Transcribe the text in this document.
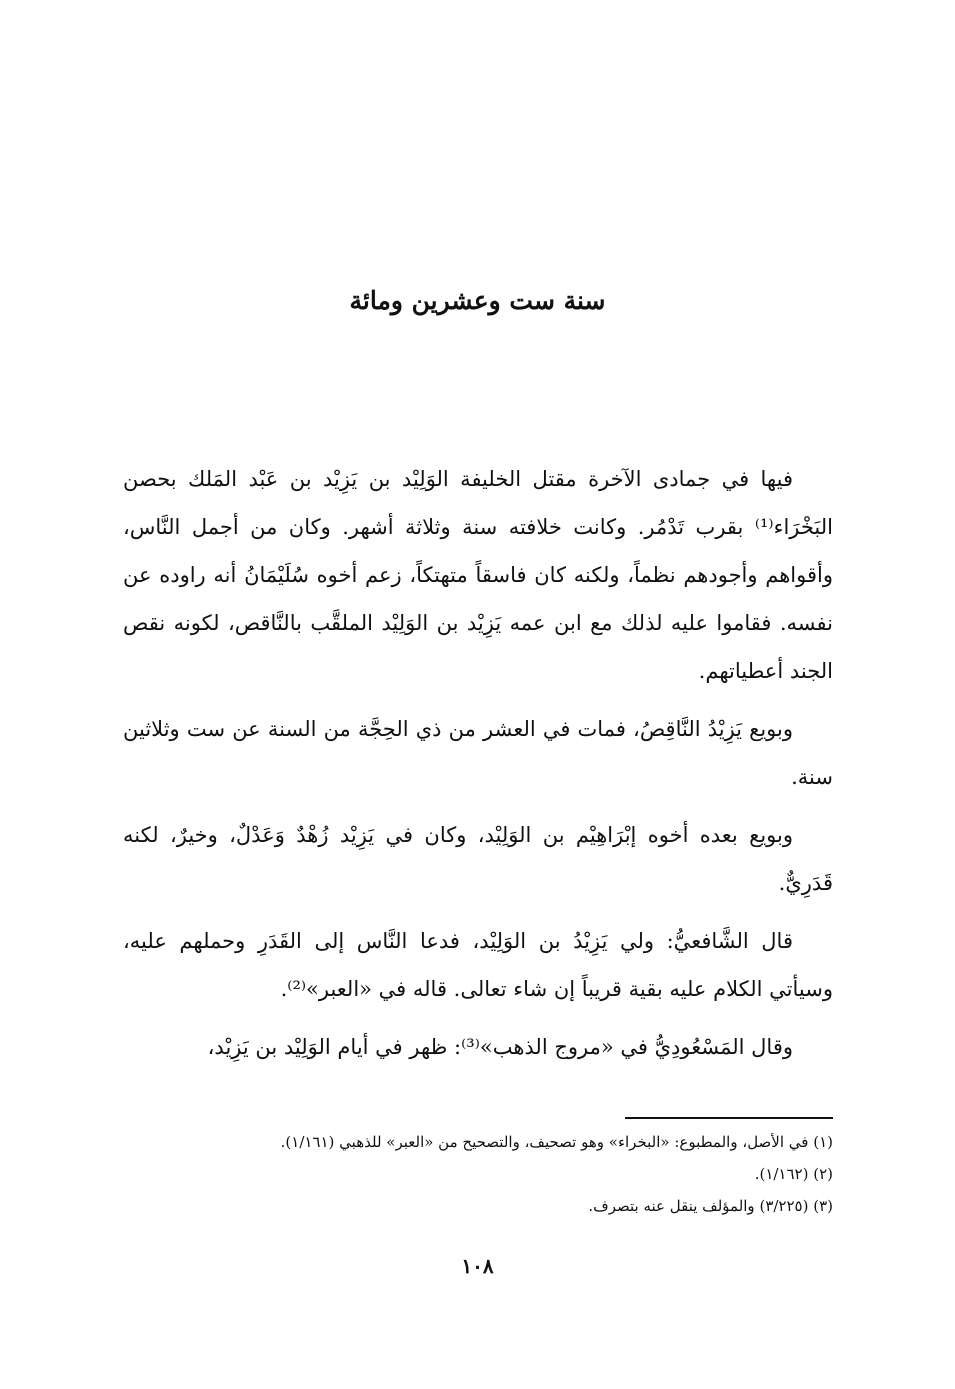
سنة ست وعشرين ومائة

فيها في جمادى الآخرة مقتل الخليفة الوَلِيْد بن يَزِيْد بن عَبْد المَلك بحصن البَخْرَاء⁽¹⁾ بقرب تَدْمُر. وكانت خلافته سنة وثلاثة أشهر. وكان من أجمل النَّاس، وأقواهم وأجودهم نظماً، ولكنه كان فاسقاً متهتكاً، زعم أخوه سُلَيْمَانُ أنه راوده عن نفسه. فقاموا عليه لذلك مع ابن عمه يَزِيْد بن الوَلِيْد الملقَّب بالنَّاقص، لكونه نقص الجند أعطياتهم.

وبويع يَزِيْدُ النَّاقِصُ، فمات في العشر من ذي الحِجَّة من السنة عن ست وثلاثين سنة.

وبويع بعده أخوه إبْرَاهِيْم بن الوَلِيْد، وكان في يَزِيْد زُهْدٌ وَعَدْلٌ، وخيرٌ، لكنه قَدَرِيٌّ.

قال الشَّافعيُّ: ولي يَزِيْدُ بن الوَلِيْد، فدعا النَّاس إلى القَدَرِ وحملهم عليه، وسيأتي الكلام عليه بقية قريباً إن شاء تعالى. قاله في «العبر»⁽²⁾.

وقال المَسْعُودِيُّ في «مروج الذهب»⁽³⁾: ظهر في أيام الوَلِيْد بن يَزِيْد،

(١) في الأصل، والمطبوع: «البخراء» وهو تصحيف، والتصحيح من «العبر» للذهبي (١/١٦١).
(٢) (١/١٦٢).
(٣) (٣/٢٢٥) والمؤلف ينقل عنه بتصرف.
١٠٨
